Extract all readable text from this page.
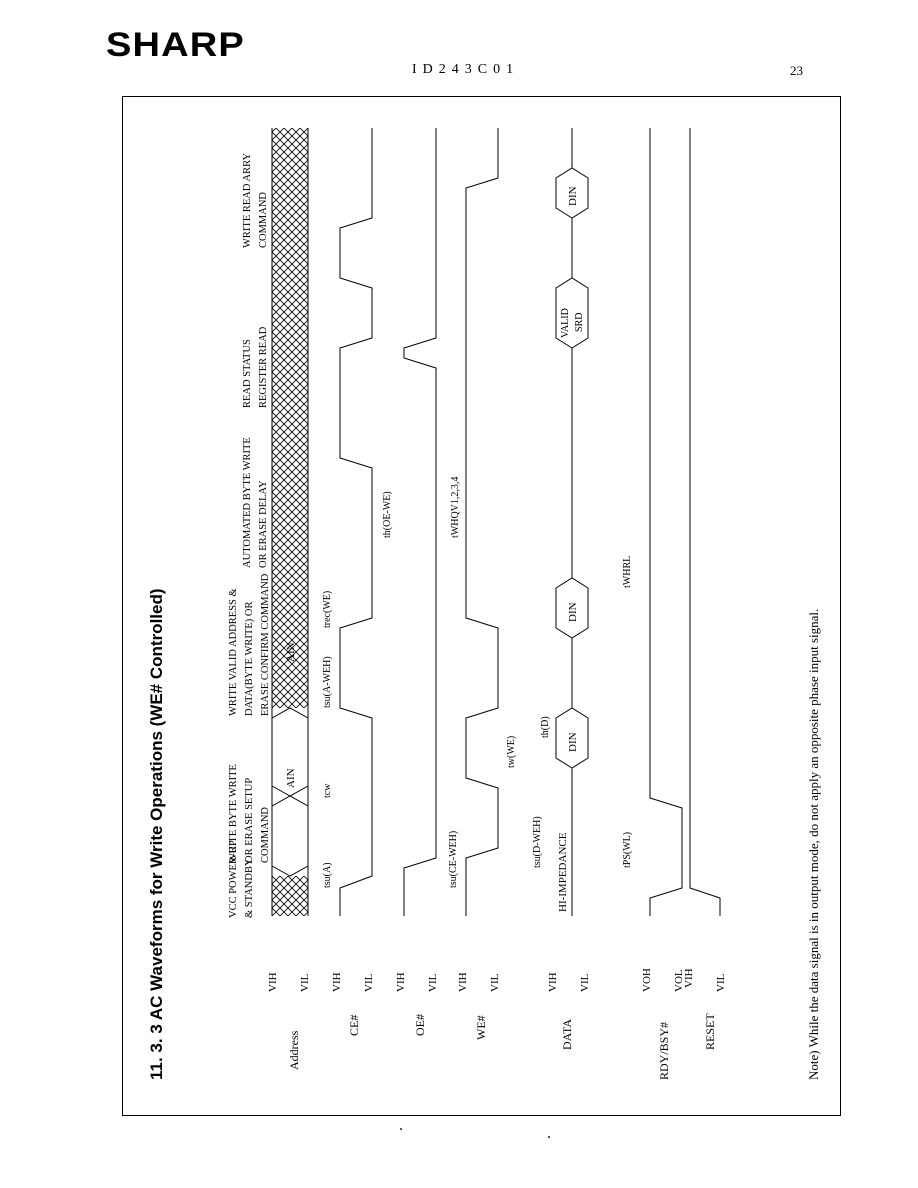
SHARP
ID243C01	23
11. 3. 3 AC Waveforms for Write Operations (WE# Controlled)	Address
CE#	OE#	WE#	DATA	RDY/BSY#	RESET
VIH VIL VIH VIL VIH VIL VIH VIL	VIH VIL	VOH VOL
VIH VIL
VCC POWER-UP & STANDBY
WRITE BYTE WRITE OR ERASE SETUP COMMAND
WRITE VALID ADDRESS & DATA(BYTE WRITE) OR ERASE CONFIRM COMMAND
AUTOMATED BYTE WRITE OR ERASE DELAY
READ STATUS REGISTER READ
WRITE READ ARRY COMMAND
AIN
AIN
HI-IMPEDANCE
DIN
DIN
VALID SRD
DIN
tsu(A)
tcw
tsu(A-WEH)
trec(WE)
tsu(CE-WEH)
tw(WE)
th(D)
tsu(D-WEH)	tPS(WL)
th(OE-WE)	tWHQV1,2,3,4
tWHRL
Note) While the data signal is in output mode, do not apply an opposite phase input signal.
